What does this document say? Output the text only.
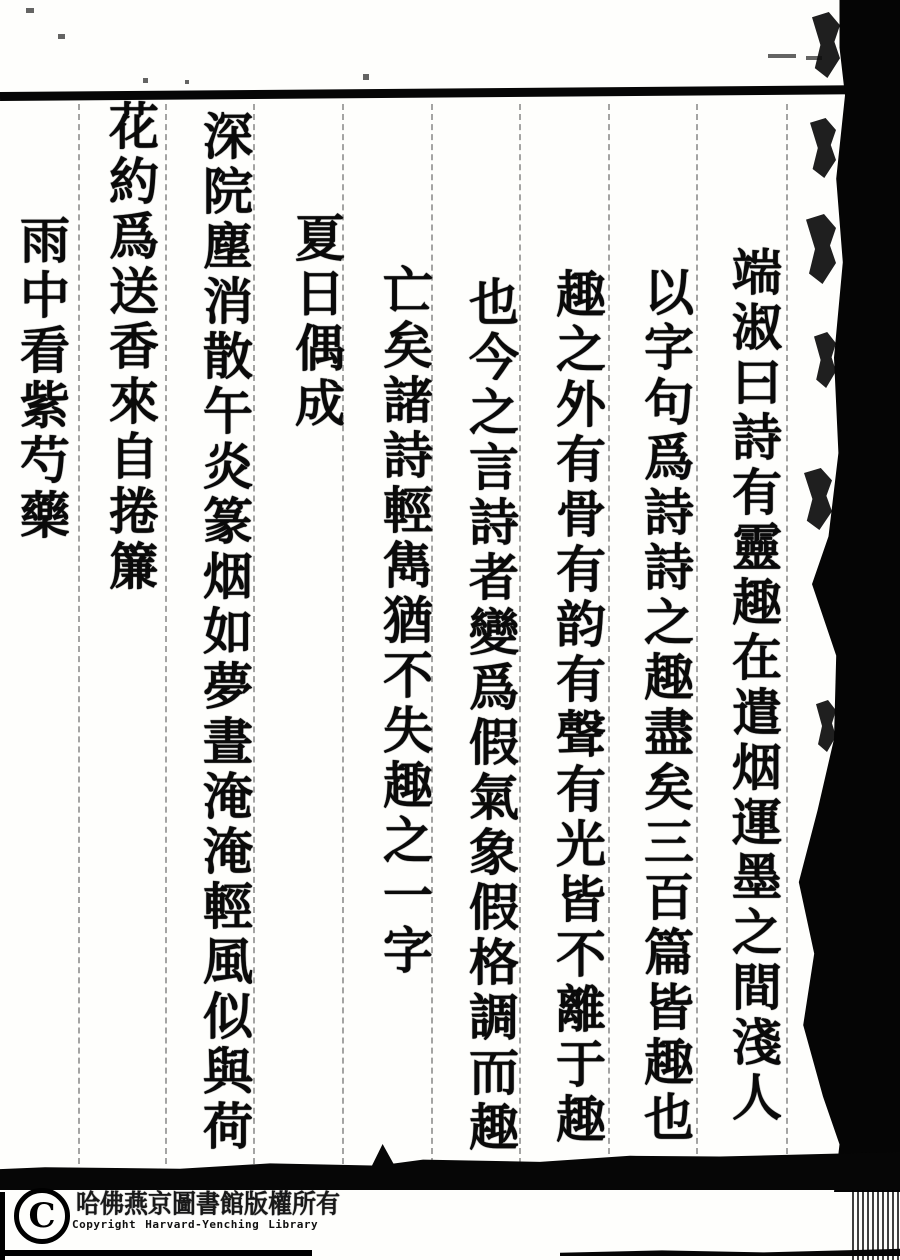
端淑曰詩有靈趣在遣烟運墨之間淺人
以字句爲詩詩之趣盡矣三百篇皆趣也
趣之外有骨有韵有聲有光皆不離于趣
也今之言詩者變爲假氣象假格調而趣
亡矣諸詩輕雋猶不失趣之一字
夏日偶成
深院塵消散午炎篆烟如夢晝淹淹輕風似與荷
花約爲送香來自捲簾
雨中看紫芍藥
C 哈佛燕京圖書館版權所有
Copyright Harvard-Yenching Library
